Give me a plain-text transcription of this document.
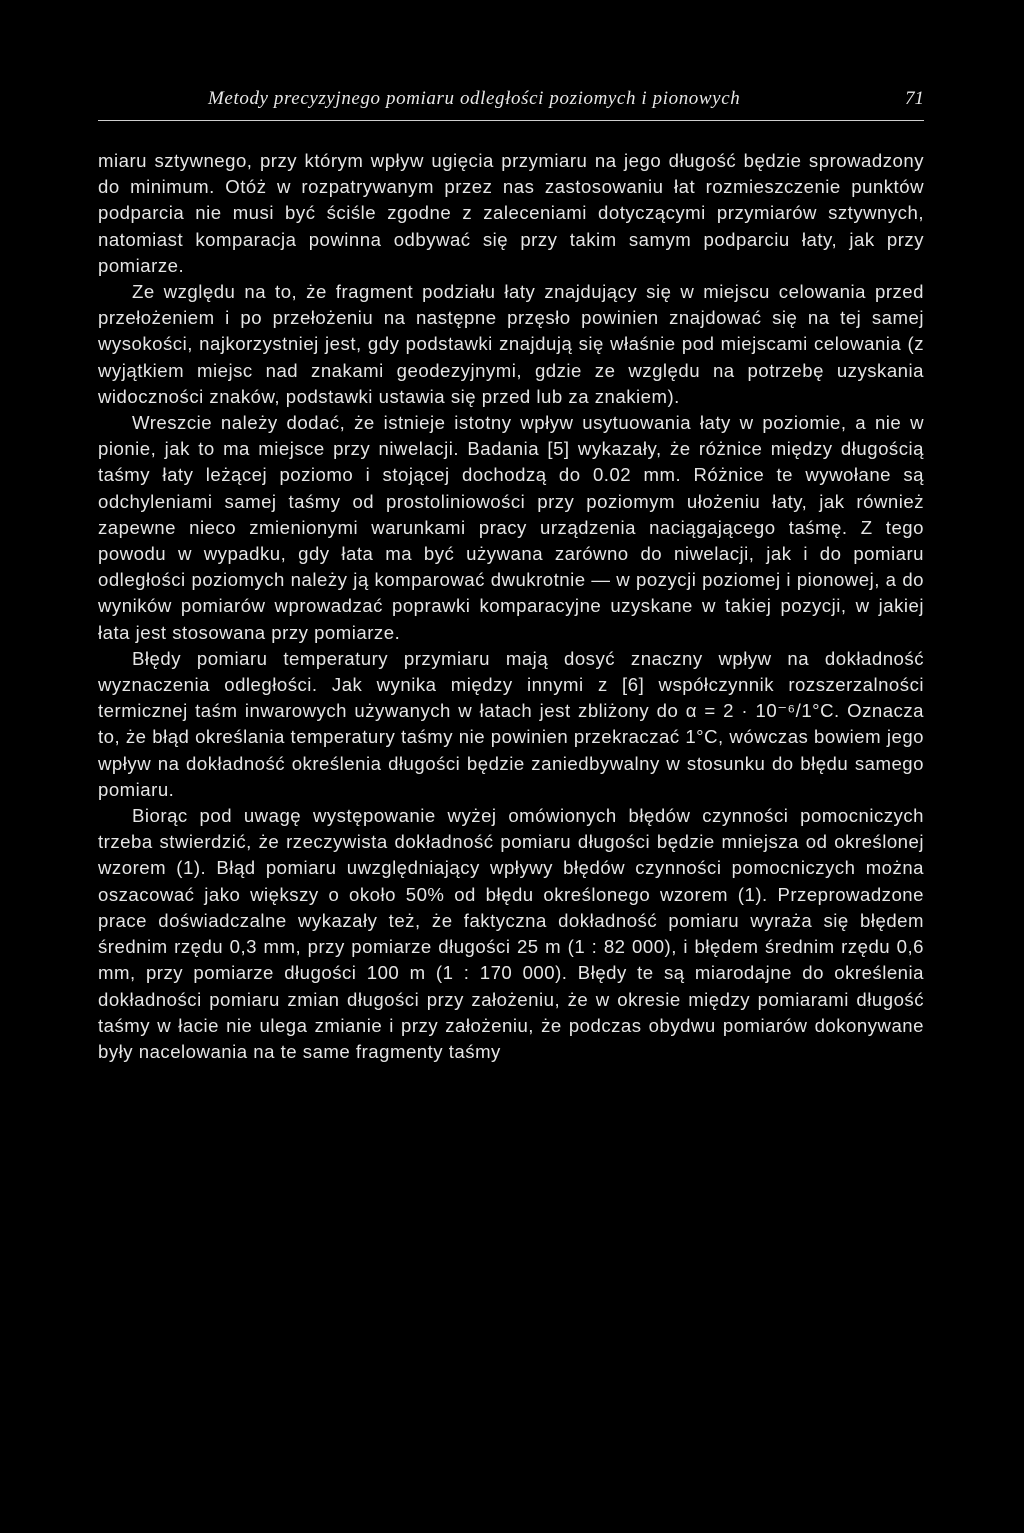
Metody precyzyjnego pomiaru odległości poziomych i pionowych	71

miaru sztywnego, przy którym wpływ ugięcia przymiaru na jego długość będzie sprowadzony do minimum. Otóż w rozpatrywanym przez nas zastosowaniu łat rozmieszczenie punktów podparcia nie musi być ściśle zgodne z zaleceniami dotyczącymi przymiarów sztywnych, natomiast komparacja powinna odbywać się przy takim samym podparciu łaty, jak przy pomiarze.

Ze względu na to, że fragment podziału łaty znajdujący się w miejscu celowania przed przełożeniem i po przełożeniu na następne przęsło powinien znajdować się na tej samej wysokości, najkorzystniej jest, gdy podstawki znajdują się właśnie pod miejscami celowania (z wyjątkiem miejsc nad znakami geodezyjnymi, gdzie ze względu na potrzebę uzyskania widoczności znaków, podstawki ustawia się przed lub za znakiem).

Wreszcie należy dodać, że istnieje istotny wpływ usytuowania łaty w poziomie, a nie w pionie, jak to ma miejsce przy niwelacji. Badania [5] wykazały, że różnice między długością taśmy łaty leżącej poziomo i stojącej dochodzą do 0.02 mm. Różnice te wywołane są odchyleniami samej taśmy od prostoliniowości przy poziomym ułożeniu łaty, jak również zapewne nieco zmienionymi warunkami pracy urządzenia naciągającego taśmę. Z tego powodu w wypadku, gdy łata ma być używana zarówno do niwelacji, jak i do pomiaru odległości poziomych należy ją komparować dwukrotnie — w pozycji poziomej i pionowej, a do wyników pomiarów wprowadzać poprawki komparacyjne uzyskane w takiej pozycji, w jakiej łata jest stosowana przy pomiarze.

Błędy pomiaru temperatury przymiaru mają dosyć znaczny wpływ na dokładność wyznaczenia odległości. Jak wynika między innymi z [6] współczynnik rozszerzalności termicznej taśm inwarowych używanych w łatach jest zbliżony do α = 2 · 10⁻⁶/1°C. Oznacza to, że błąd określania temperatury taśmy nie powinien przekraczać 1°C, wówczas bowiem jego wpływ na dokładność określenia długości będzie zaniedbywalny w stosunku do błędu samego pomiaru.

Biorąc pod uwagę występowanie wyżej omówionych błędów czynności pomocniczych trzeba stwierdzić, że rzeczywista dokładność pomiaru długości będzie mniejsza od określonej wzorem (1). Błąd pomiaru uwzględniający wpływy błędów czynności pomocniczych można oszacować jako większy o około 50% od błędu określonego wzorem (1). Przeprowadzone prace doświadczalne wykazały też, że faktyczna dokładność pomiaru wyraża się błędem średnim rzędu 0,3 mm, przy pomiarze długości 25 m (1 : 82 000), i błędem średnim rzędu 0,6 mm, przy pomiarze długości 100 m (1 : 170 000). Błędy te są miarodajne do określenia dokładności pomiaru zmian długości przy założeniu, że w okresie między pomiarami długość taśmy w łacie nie ulega zmianie i przy założeniu, że podczas obydwu pomiarów dokonywane były nacelowania na te same fragmenty taśmy
